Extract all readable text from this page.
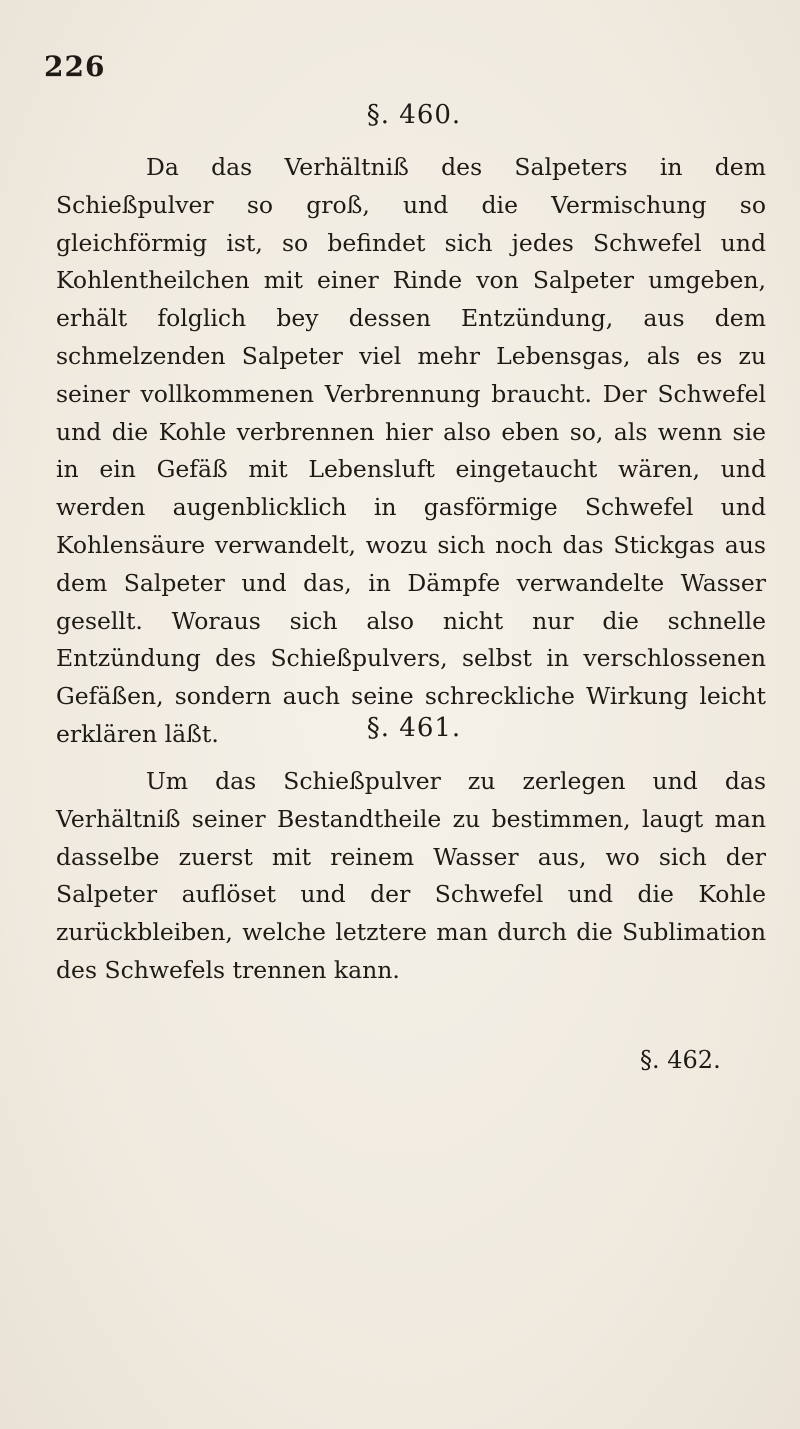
226
§. 460.
Da das Verhältniß des Salpeters in dem Schießpulver so groß, und die Vermischung so gleichförmig ist, so befindet sich jedes Schwefel und Kohlentheilchen mit einer Rinde von Salpeter umgeben, erhält folglich bey dessen Entzündung, aus dem schmelzenden Salpeter viel mehr Lebensgas, als es zu seiner vollkommenen Verbrennung braucht. Der Schwefel und die Kohle verbrennen hier also eben so, als wenn sie in ein Gefäß mit Lebensluft eingetaucht wären, und werden augenblicklich in gasförmige Schwefel und Kohlensäure verwandelt, wozu sich noch das Stickgas aus dem Salpeter und das, in Dämpfe verwandelte Wasser gesellt. Woraus sich also nicht nur die schnelle Entzündung des Schießpulvers, selbst in verschlossenen Gefäßen, sondern auch seine schreckliche Wirkung leicht erklären läßt.	§. 461.
Um das Schießpulver zu zerlegen und das Verhältniß seiner Bestandtheile zu bestimmen, laugt man dasselbe zuerst mit reinem Wasser aus, wo sich der Salpeter auflöset und der Schwefel und die Kohle zurückbleiben, welche letztere man durch die Sublimation des Schwefels trennen kann.
§. 462.
